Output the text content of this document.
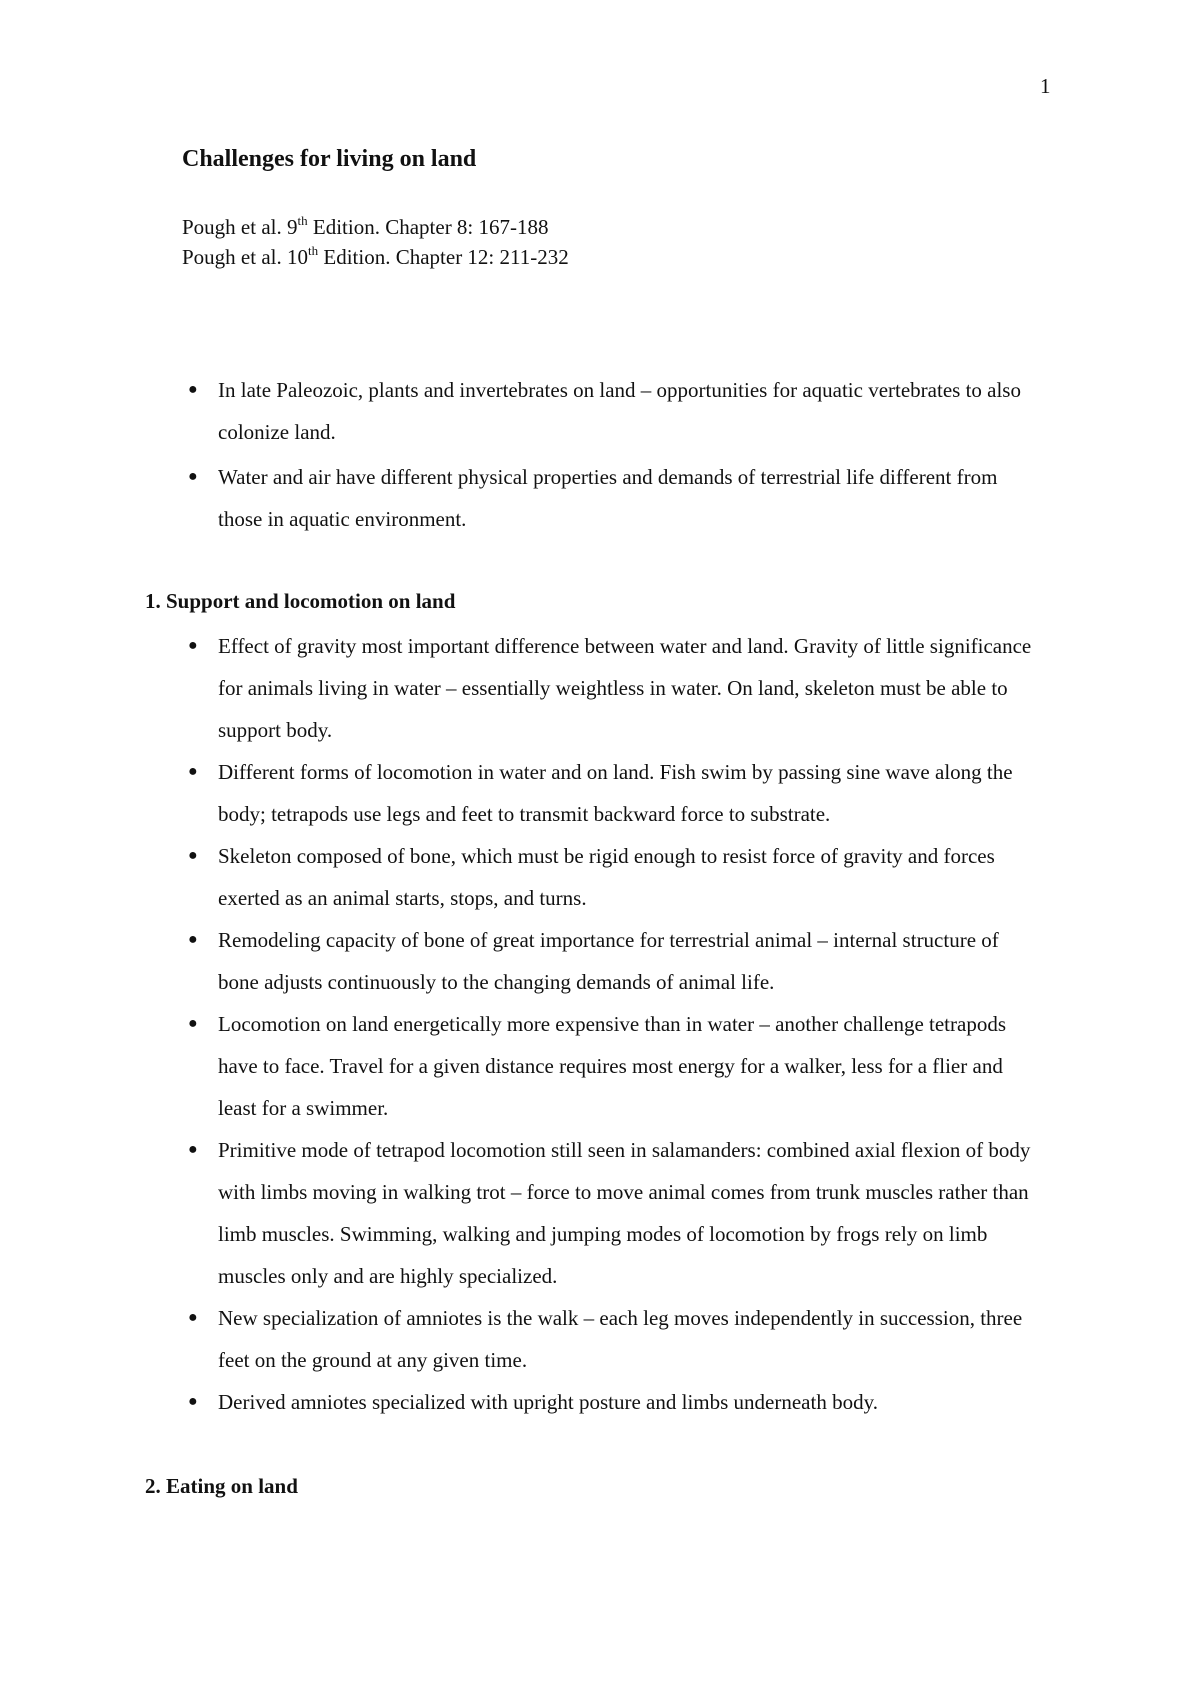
1
Challenges for living on land
Pough et al. 9th Edition. Chapter 8: 167-188
Pough et al. 10th Edition. Chapter 12: 211-232
● In late Paleozoic, plants and invertebrates on land – opportunities for aquatic vertebrates to also colonize land.
● Water and air have different physical properties and demands of terrestrial life different from those in aquatic environment.
1. Support and locomotion on land
● Effect of gravity most important difference between water and land. Gravity of little significance for animals living in water – essentially weightless in water. On land, skeleton must be able to support body.
● Different forms of locomotion in water and on land. Fish swim by passing sine wave along the body; tetrapods use legs and feet to transmit backward force to substrate.
● Skeleton composed of bone, which must be rigid enough to resist force of gravity and forces exerted as an animal starts, stops, and turns.
● Remodeling capacity of bone of great importance for terrestrial animal – internal structure of bone adjusts continuously to the changing demands of animal life.
● Locomotion on land energetically more expensive than in water – another challenge tetrapods have to face. Travel for a given distance requires most energy for a walker, less for a flier and least for a swimmer.
● Primitive mode of tetrapod locomotion still seen in salamanders: combined axial flexion of body with limbs moving in walking trot – force to move animal comes from trunk muscles rather than limb muscles. Swimming, walking and jumping modes of locomotion by frogs rely on limb muscles only and are highly specialized.
● New specialization of amniotes is the walk – each leg moves independently in succession, three feet on the ground at any given time.
● Derived amniotes specialized with upright posture and limbs underneath body.
2. Eating on land
